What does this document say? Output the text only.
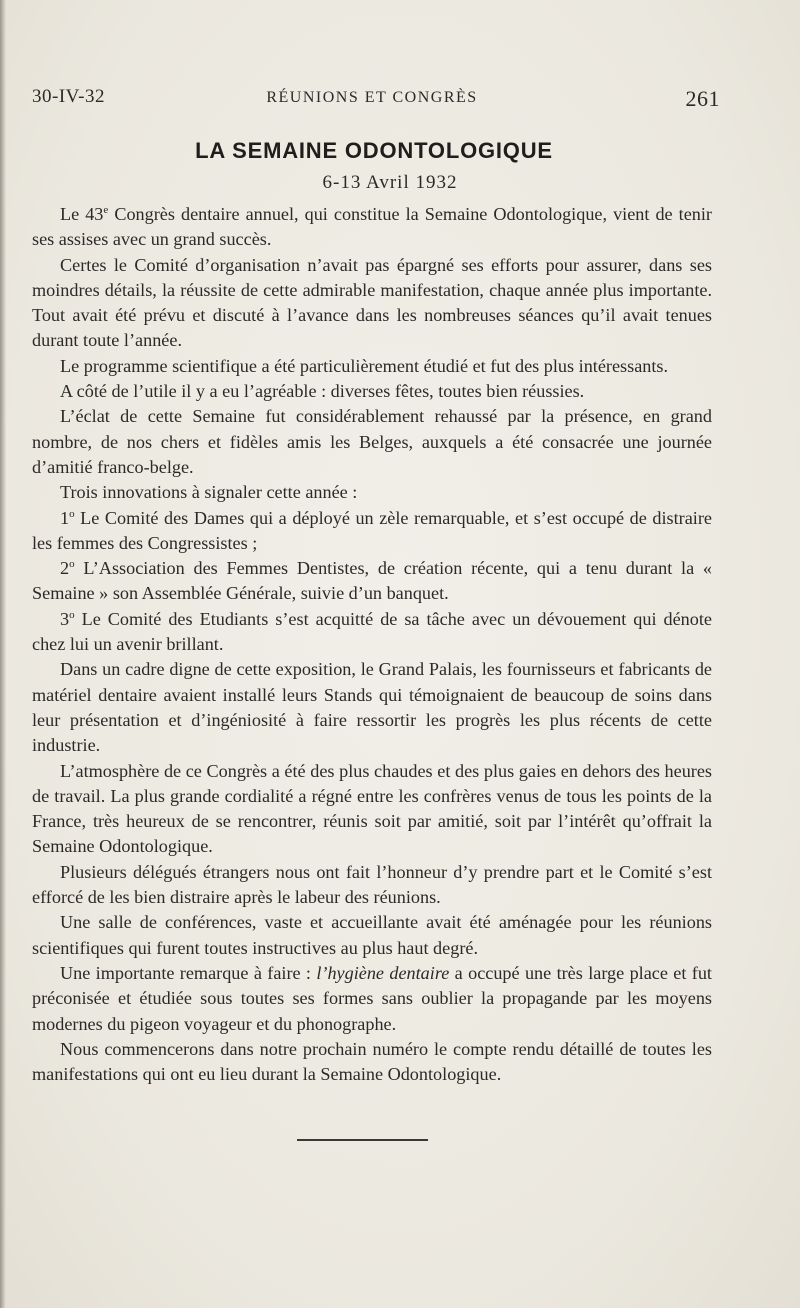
30-IV-32	RÉUNIONS ET CONGRÈS	261
LA SEMAINE ODONTOLOGIQUE
6-13 Avril 1932

Le 43e Congrès dentaire annuel, qui constitue la Semaine Odontologique, vient de tenir ses assises avec un grand succès.

Certes le Comité d’organisation n’avait pas épargné ses efforts pour assurer, dans ses moindres détails, la réussite de cette admirable manifestation, chaque année plus importante. Tout avait été prévu et discuté à l’avance dans les nombreuses séances qu’il avait tenues durant toute l’année.

Le programme scientifique a été particulièrement étudié et fut des plus intéressants.

A côté de l’utile il y a eu l’agréable : diverses fêtes, toutes bien réussies.

L’éclat de cette Semaine fut considérablement rehaussé par la présence, en grand nombre, de nos chers et fidèles amis les Belges, auxquels a été consacrée une journée d’amitié franco-belge.

Trois innovations à signaler cette année :

1$^o$ Le Comité des Dames qui a déployé un zèle remarquable, et s’est occupé de distraire les femmes des Congressistes ;

2$^o$ L’Association des Femmes Dentistes, de création récente, qui a tenu durant la « Semaine » son Assemblée Générale, suivie d’un banquet.

3$^o$ Le Comité des Etudiants s’est acquitté de sa tâche avec un dévouement qui dénote chez lui un avenir brillant.

Dans un cadre digne de cette exposition, le Grand Palais, les fournisseurs et fabricants de matériel dentaire avaient installé leurs Stands qui témoignaient de beaucoup de soins dans leur présentation et d’ingéniosité à faire ressortir les progrès les plus récents de cette industrie.

L’atmosphère de ce Congrès a été des plus chaudes et des plus gaies en dehors des heures de travail. La plus grande cordialité a régné entre les confrères venus de tous les points de la France, très heureux de se rencontrer, réunis soit par amitié, soit par l’intérêt qu’offrait la Semaine Odontologique.

Plusieurs délégués étrangers nous ont fait l’honneur d’y prendre part et le Comité s’est efforcé de les bien distraire après le labeur des réunions.

Une salle de conférences, vaste et accueillante avait été aménagée pour les réunions scientifiques qui furent toutes instructives au plus haut degré.

Une importante remarque à faire : l’hygiène dentaire a occupé une très large place et fut préconisée et étudiée sous toutes ses formes sans oublier la propagande par les moyens modernes du pigeon voyageur et du phonographe.

Nous commencerons dans notre prochain numéro le compte rendu détaillé de toutes les manifestations qui ont eu lieu durant la Semaine Odontologique.
